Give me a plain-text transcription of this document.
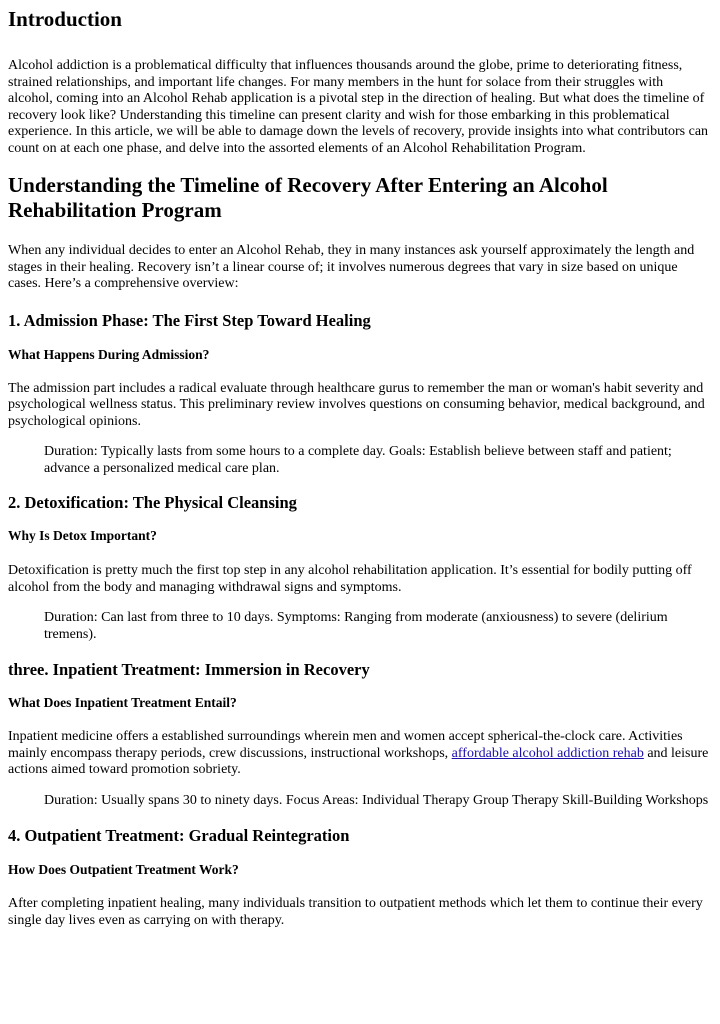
Introduction

Alcohol addiction is a problematical difficulty that influences thousands around the globe, prime to deteriorating fitness, strained relationships, and important life changes. For many members in the hunt for solace from their struggles with alcohol, coming into an Alcohol Rehab application is a pivotal step in the direction of healing. But what does the timeline of recovery look like? Understanding this timeline can present clarity and wish for those embarking in this problematical experience. In this article, we will be able to damage down the levels of recovery, provide insights into what contributors can count on at each one phase, and delve into the assorted elements of an Alcohol Rehabilitation Program.

Understanding the Timeline of Recovery After Entering an Alcohol Rehabilitation Program

When any individual decides to enter an Alcohol Rehab, they in many instances ask yourself approximately the length and stages in their healing. Recovery isn’t a linear course of; it involves numerous degrees that vary in size based on unique cases. Here’s a comprehensive overview:

1. Admission Phase: The First Step Toward Healing
What Happens During Admission?

The admission part includes a radical evaluate through healthcare gurus to remember the man or woman's habit severity and psychological wellness status. This preliminary review involves questions on consuming behavior, medical background, and psychological opinions.

Duration: Typically lasts from some hours to a complete day. Goals: Establish believe between staff and patient; advance a personalized medical care plan.

2. Detoxification: The Physical Cleansing
Why Is Detox Important?

Detoxification is pretty much the first top step in any alcohol rehabilitation application. It’s essential for bodily putting off alcohol from the body and managing withdrawal signs and symptoms.

Duration: Can last from three to 10 days. Symptoms: Ranging from moderate (anxiousness) to severe (delirium tremens).

three. Inpatient Treatment: Immersion in Recovery
What Does Inpatient Treatment Entail?

Inpatient medicine offers a established surroundings wherein men and women accept spherical-the-clock care. Activities mainly encompass therapy periods, crew discussions, instructional workshops, affordable alcohol addiction rehab and leisure actions aimed toward promotion sobriety.

Duration: Usually spans 30 to ninety days. Focus Areas: Individual Therapy Group Therapy Skill-Building Workshops

4. Outpatient Treatment: Gradual Reintegration
How Does Outpatient Treatment Work?

After completing inpatient healing, many individuals transition to outpatient methods which let them to continue their every single day lives even as carrying on with therapy.
